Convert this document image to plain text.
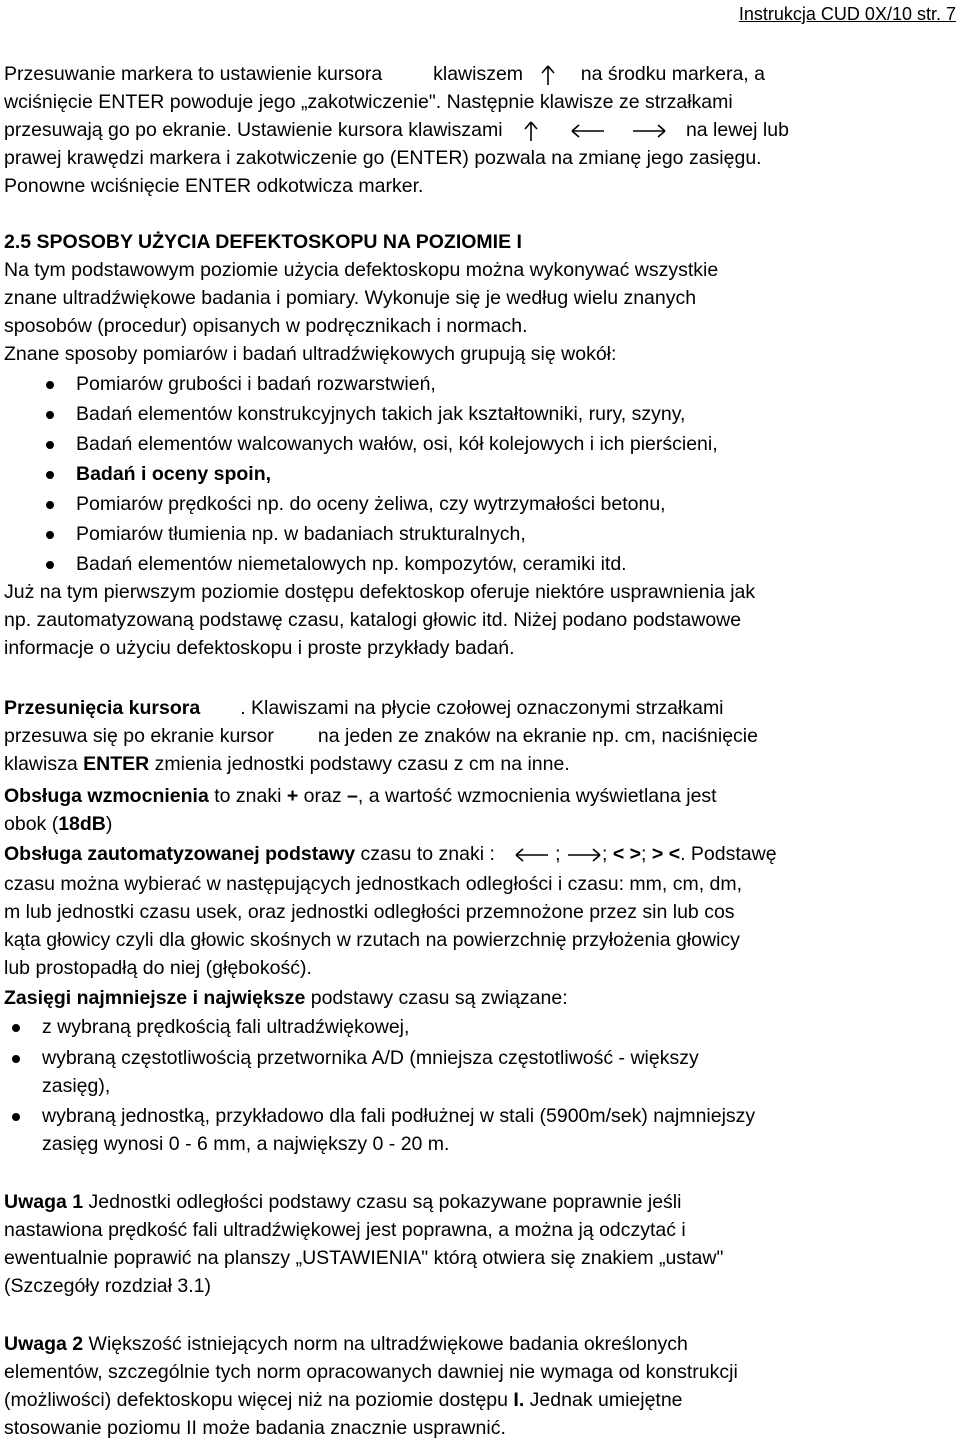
Instrukcja CUD 0X/10 str. 7
Przesuwanie markera to ustawienie kursora	klawiszem	na środku markera, a
wciśnięcie ENTER powoduje jego „zakotwiczenie". Następnie klawisze ze strzałkami
przesuwają go po ekranie. Ustawienie kursora klawiszami	na lewej lub
prawej krawędzi markera i zakotwiczenie go (ENTER) pozwala na zmianę jego zasięgu.
Ponowne wciśnięcie ENTER odkotwicza marker.
2.5 SPOSOBY UŻYCIA DEFEKTOSKOPU NA POZIOMIE I
Na tym podstawowym poziomie użycia defektoskopu można wykonywać wszystkie
znane ultradźwiękowe badania i pomiary. Wykonuje się je według wielu znanych
sposobów (procedur) opisanych w podręcznikach i normach.
Znane sposoby pomiarów i badań ultradźwiękowych grupują się wokół:
Pomiarów grubości i badań rozwarstwień,
Badań elementów konstrukcyjnych takich jak kształtowniki, rury, szyny,
Badań elementów walcowanych wałów, osi, kół kolejowych i ich pierścieni,
Badań i oceny spoin,
Pomiarów prędkości np. do oceny żeliwa, czy wytrzymałości betonu,
Pomiarów tłumienia np. w badaniach strukturalnych,
Badań elementów niemetalowych np. kompozytów, ceramiki itd.
Już na tym pierwszym poziomie dostępu defektoskop oferuje niektóre usprawnienia jak
np. zautomatyzowaną podstawę czasu, katalogi głowic itd. Niżej podano podstawowe
informacje o użyciu defektoskopu i proste przykłady badań.
Przesunięcia kursora . Klawiszami na płycie czołowej oznaczonymi strzałkami
przesuwa się po ekranie kursor na jeden ze znaków na ekranie np. cm, naciśnięcie
klawisza ENTER zmienia jednostki podstawy czasu z cm na inne.
Obsługa wzmocnienia to znaki + oraz –, a wartość wzmocnienia wyświetlana jest
obok (18dB)
Obsługa zautomatyzowanej podstawy czasu to znaki :	; ; < >; > <. Podstawę
czasu można wybierać w następujących jednostkach odległości i czasu: mm, cm, dm,
m lub jednostki czasu usek, oraz jednostki odległości przemnożone przez sin lub cos
kąta głowicy czyli dla głowic skośnych w rzutach na powierzchnię przyłożenia głowicy
lub prostopadłą do niej (głębokość).
Zasięgi najmniejsze i największe podstawy czasu są związane:
z wybraną prędkością fali ultradźwiękowej,
wybraną częstotliwością przetwornika A/D (mniejsza częstotliwość - większy
zasięg),
wybraną jednostką, przykładowo dla fali podłużnej w stali (5900m/sek) najmniejszy
zasięg wynosi 0 - 6 mm, a największy 0 - 20 m.
Uwaga 1 Jednostki odległości podstawy czasu są pokazywane poprawnie jeśli
nastawiona prędkość fali ultradźwiękowej jest poprawna, a można ją odczytać i
ewentualnie poprawić na planszy „USTAWIENIA" którą otwiera się znakiem „ustaw"
(Szczegóły rozdział 3.1)
Uwaga 2 Większość istniejących norm na ultradźwiękowe badania określonych
elementów, szczególnie tych norm opracowanych dawniej nie wymaga od konstrukcji
(możliwości) defektoskopu więcej niż na poziomie dostępu I. Jednak umiejętne
stosowanie poziomu II może badania znacznie usprawnić.
